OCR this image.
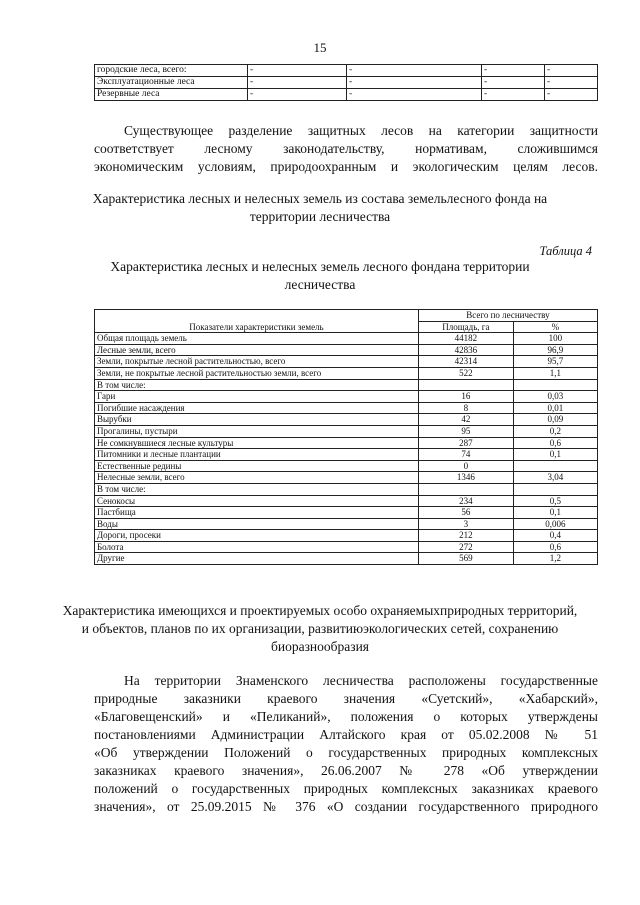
15
городские леса, всего:	-	-	-	-
Эксплуатационные леса	-	-	-	-
Резервные леса	-	-	-	-
Существующее разделение защитных лесов на категории защитности
соответствует лесному законодательству, нормативам, сложившимся
экономическим условиям, природоохранным и экологическим целям лесов.
Характеристика лесных и нелесных земель из состава земельлесного фонда на территории лесничества
Таблица 4
Характеристика лесных и нелесных земель лесного фондана территории лесничества
Показатели характеристики земель	Всего по лесничеству	
	Площадь, га	%
Общая площадь земель	44182	100
Лесные земли, всего	42836	96,9
Земли, покрытые лесной растительностью, всего	42314	95,7
Земли, не покрытые лесной растительностью земли, всего	522	1,1
В том числе:		
Гари	16	0,03
Погибшие насаждения	8	0,01
Вырубки	42	0,09
Прогалины, пустыри	95	0,2
Не сомкнувшиеся лесные культуры	287	0,6
Питомники и лесные плантации	74	0,1
Естественные редины	0	
Нелесные земли, всего	1346	3,04
В том числе:		
Сенокосы	234	0,5
Пастбища	56	0,1
Воды	3	0,006
Дороги, просеки	212	0,4
Болота	272	0,6
Другие	569	1,2
Характеристика имеющихся и проектируемых особо охраняемыхприродных территорий, и объектов, планов по их организации, развитиюэкологических сетей, сохранению биоразнообразия
На территории Знаменского лесничества расположены государственные
природные заказники краевого значения «Суетский», «Хабарский»,
«Благовещенский» и «Пеликаний», положения о которых утверждены
постановлениями Администрации Алтайского края от 05.02.2008 № 51
«Об утверждении Положений о государственных природных комплексных
заказниках краевого значения», 26.06.2007 № 278 «Об утверждении
положений о государственных природных комплексных заказниках краевого
значения», от 25.09.2015 № 376 «О создании государственного природного
